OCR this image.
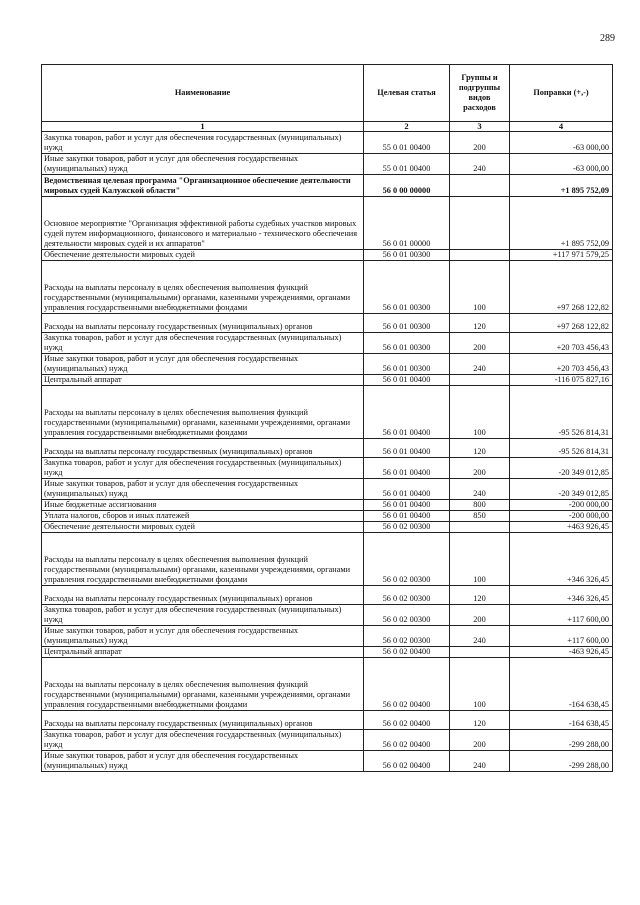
289
Наименование	Целевая статья	Группы и подгруппы видов расходов	Поправки (+,-)
1	2	3	4
Закупка товаров, работ и услуг для обеспечения государственных (муниципальных) нужд	55 0 01 00400	200	-63 000,00
Иные закупки товаров, работ и услуг для обеспечения государственных (муниципальных) нужд	55 0 01 00400	240	-63 000,00
Ведомственная целевая программа "Организационное обеспечение деятельности мировых судей Калужской области"	56 0 00 00000		+1 895 752,09
Основное мероприятие "Организация эффективной работы судебных участков мировых судей путем информационного, финансового и материально - технического обеспечения деятельности мировых судей и их аппаратов"	56 0 01 00000		+1 895 752,09
Обеспечение деятельности мировых судей	56 0 01 00300		+117 971 579,25
Расходы на выплаты персоналу в целях обеспечения выполнения функций государственными (муниципальными) органами, казенными учреждениями, органами управления государственными внебюджетными фондами	56 0 01 00300	100	+97 268 122,82
Расходы на выплаты персоналу государственных (муниципальных) органов	56 0 01 00300	120	+97 268 122,82
Закупка товаров, работ и услуг для обеспечения государственных (муниципальных) нужд	56 0 01 00300	200	+20 703 456,43
Иные закупки товаров, работ и услуг для обеспечения государственных (муниципальных) нужд	56 0 01 00300	240	+20 703 456,43
Центральный аппарат	56 0 01 00400		-116 075 827,16
Расходы на выплаты персоналу в целях обеспечения выполнения функций государственными (муниципальными) органами, казенными учреждениями, органами управления государственными внебюджетными фондами	56 0 01 00400	100	-95 526 814,31
Расходы на выплаты персоналу государственных (муниципальных) органов	56 0 01 00400	120	-95 526 814,31
Закупка товаров, работ и услуг для обеспечения государственных (муниципальных) нужд	56 0 01 00400	200	-20 349 012,85
Иные закупки товаров, работ и услуг для обеспечения государственных (муниципальных) нужд	56 0 01 00400	240	-20 349 012,85
Иные бюджетные ассигнования	56 0 01 00400	800	-200 000,00
Уплата налогов, сборов и иных платежей	56 0 01 00400	850	-200 000,00
Обеспечение деятельности мировых судей	56 0 02 00300		+463 926,45
Расходы на выплаты персоналу в целях обеспечения выполнения функций государственными (муниципальными) органами, казенными учреждениями, органами управления государственными внебюджетными фондами	56 0 02 00300	100	+346 326,45
Расходы на выплаты персоналу государственных (муниципальных) органов	56 0 02 00300	120	+346 326,45
Закупка товаров, работ и услуг для обеспечения государственных (муниципальных) нужд	56 0 02 00300	200	+117 600,00
Иные закупки товаров, работ и услуг для обеспечения государственных (муниципальных) нужд	56 0 02 00300	240	+117 600,00
Центральный аппарат	56 0 02 00400		-463 926,45
Расходы на выплаты персоналу в целях обеспечения выполнения функций государственными (муниципальными) органами, казенными учреждениями, органами управления государственными внебюджетными фондами	56 0 02 00400	100	-164 638,45
Расходы на выплаты персоналу государственных (муниципальных) органов	56 0 02 00400	120	-164 638,45
Закупка товаров, работ и услуг для обеспечения государственных (муниципальных) нужд	56 0 02 00400	200	-299 288,00
Иные закупки товаров, работ и услуг для обеспечения государственных (муниципальных) нужд	56 0 02 00400	240	-299 288,00
